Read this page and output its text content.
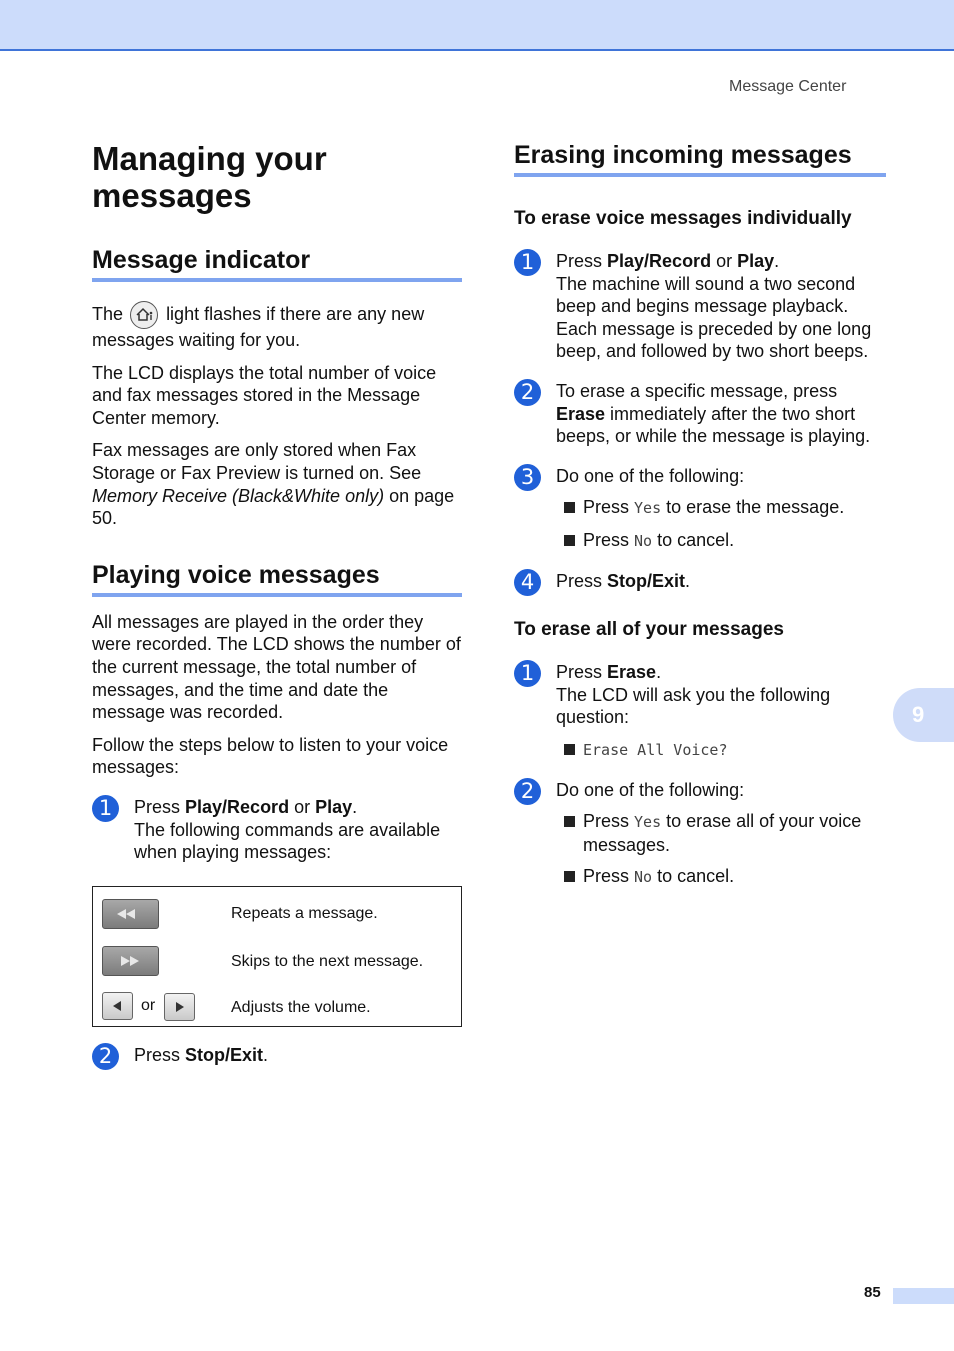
Message Center
Managing your
messages
Message indicator

The light flashes if there are any new messages waiting for you.

The LCD displays the total number of voice and fax messages stored in the Message Center memory.

Fax messages are only stored when Fax Storage or Fax Preview is turned on. See Memory Receive (Black&White only) on page 50.

Playing voice messages

All messages are played in the order they were recorded. The LCD shows the number of the current message, the total number of messages, and the time and date the message was recorded.

Follow the steps below to listen to your voice messages:

1	Press Play/Record or Play.
The following commands are available when playing messages:

Repeats a message.
Skips to the next message.
or	Adjusts the volume.
2	Press Stop/Exit.

Erasing incoming messages
To erase voice messages individually
1	Press Play/Record or Play.
The machine will sound a two second beep and begins message playback. Each message is preceded by one long beep, and followed by two short beeps.

2	To erase a specific message, press Erase immediately after the two short beeps, or while the message is playing.

3	Do one of the following:

Press Yes to erase the message.
Press No to cancel.
4	Press Stop/Exit.

To erase all of your messages
1	Press Erase.
The LCD will ask you the following question:

Erase All Voice?
2	Do one of the following:

Press Yes to erase all of your voice messages.
Press No to cancel.
9
85
